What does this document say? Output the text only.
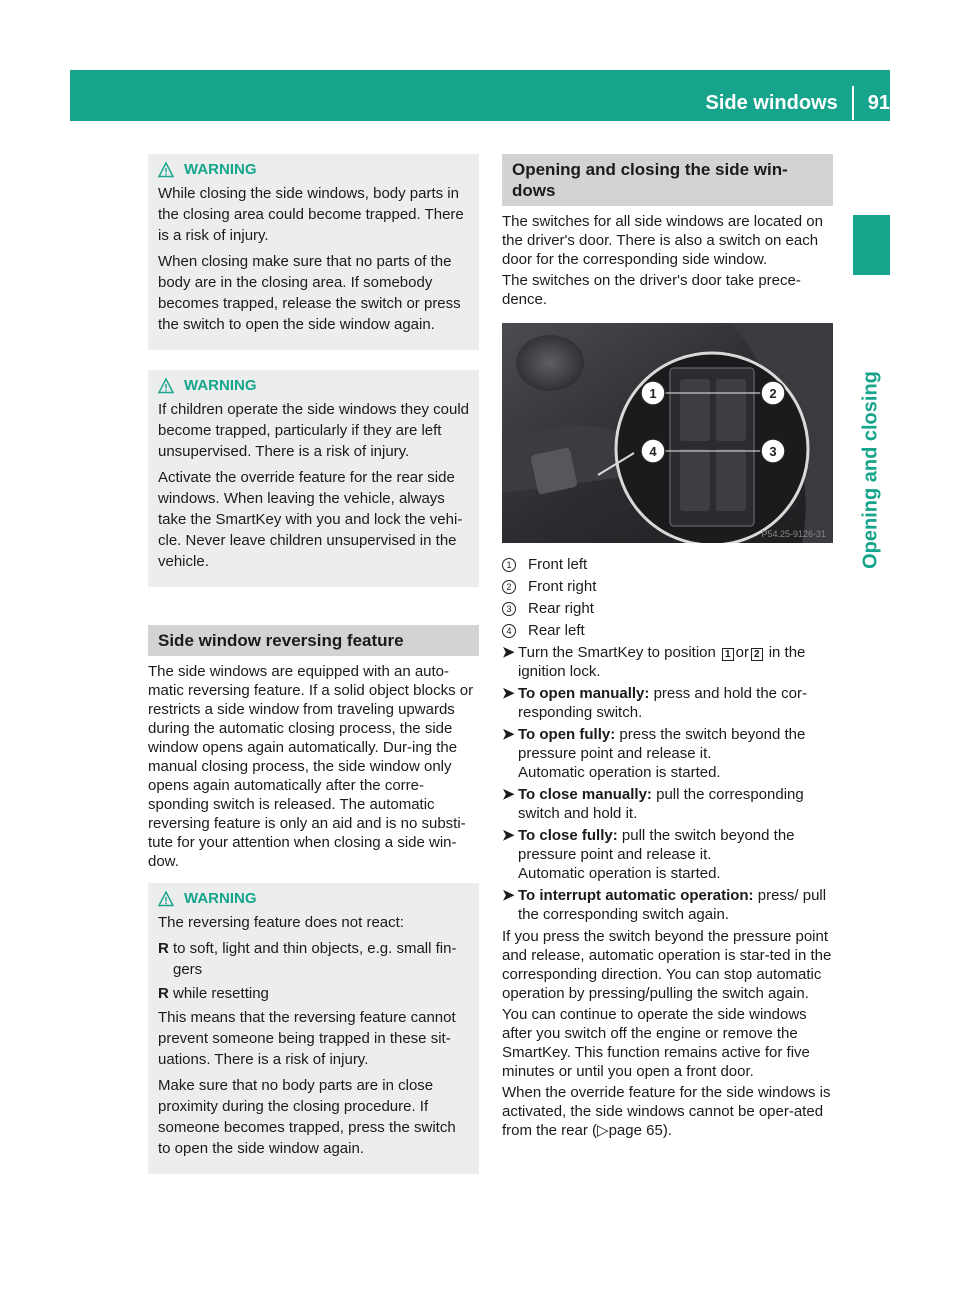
Side windows 91
Opening and closing
WARNING

While closing the side windows, body parts in the closing area could become trapped. There is a risk of injury.

When closing make sure that no parts of the body are in the closing area. If somebody becomes trapped, release the switch or press the switch to open the side window again.

WARNING

If children operate the side windows they could become trapped, particularly if they are left unsupervised. There is a risk of injury.

Activate the override feature for the rear side windows. When leaving the vehicle, always take the SmartKey with you and lock the vehi-cle. Never leave children unsupervised in the vehicle.

Side window reversing feature

The side windows are equipped with an auto-matic reversing feature. If a solid object blocks or restricts a side window from traveling upwards during the automatic closing process, the side window opens again automatically. Dur-ing the manual closing process, the side window only opens again automatically after the corre-sponding switch is released. The automatic reversing feature is only an aid and is no substi-tute for your attention when closing a side win-dow.

WARNING

The reversing feature does not react:

R to soft, light and thin objects, e.g. small fin-gers
R while resetting

This means that the reversing feature cannot prevent someone being trapped in these sit-uations. There is a risk of injury.

Make sure that no body parts are in close proximity during the closing procedure. If someone becomes trapped, press the switch to open the side window again.

Opening and closing the side win-dows

The switches for all side windows are located on the driver's door. There is also a switch on each door for the corresponding side window.

The switches on the driver's door take prece-dence.

1	2
3
4
P54.25-9126-31
1	Front left
2	Front right
3	Rear right
4	Rear left
➤ Turn the SmartKey to position 1 or 2 in the ignition lock.
➤ To open manually: press and hold the cor-responding switch.
➤ To open fully: press the switch beyond the pressure point and release it.
Automatic operation is started.
➤ To close manually: pull the corresponding switch and hold it.
➤ To close fully: pull the switch beyond the pressure point and release it.
Automatic operation is started.
➤ To interrupt automatic operation: press/ pull the corresponding switch again.

If you press the switch beyond the pressure point and release, automatic operation is star-ted in the corresponding direction. You can stop automatic operation by pressing/pulling the switch again.

You can continue to operate the side windows after you switch off the engine or remove the SmartKey. This function remains active for five minutes or until you open a front door.

When the override feature for the side windows is activated, the side windows cannot be oper-ated from the rear (▷page 65).
